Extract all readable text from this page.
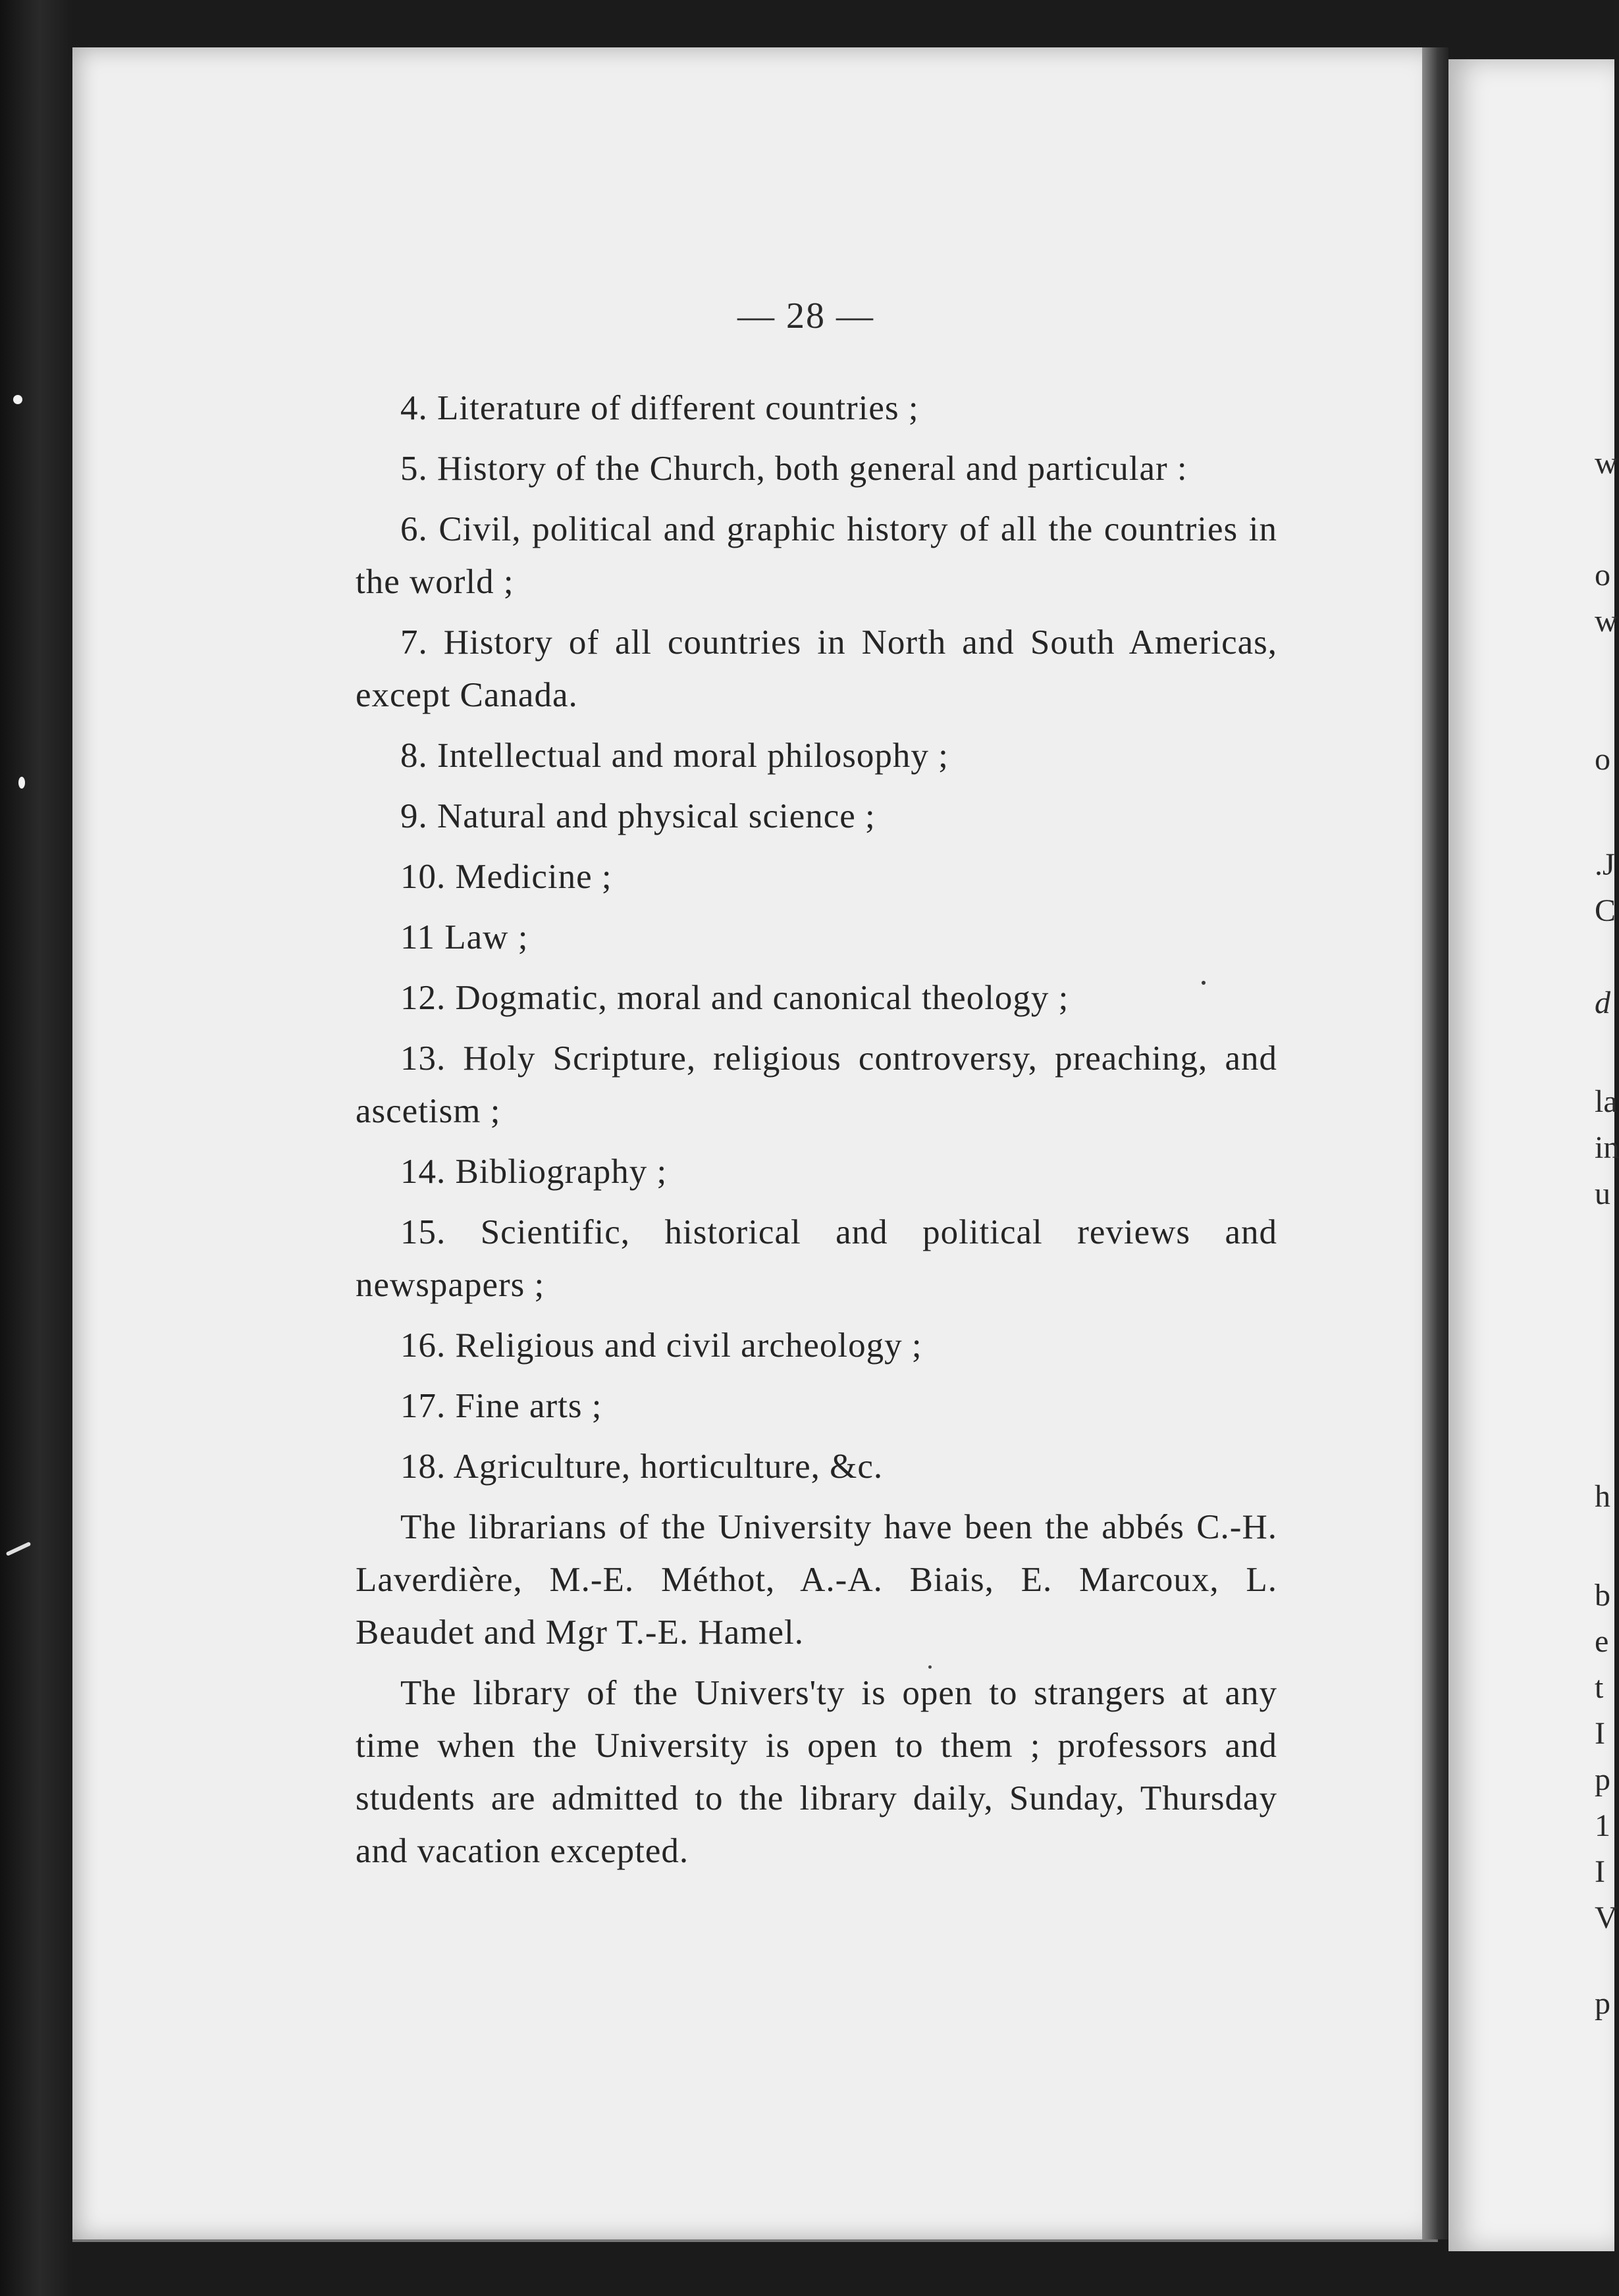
w
o
w
o
.J
C
d
la
in
u
h
b
e
t
I
p
1
I
V
p
— 28 —

4. Literature of different countries ;

5. History of the Church, both general and particular :

6. Civil, political and graphic history of all the countries in the world ;

7. History of all countries in North and South Americas, except Canada.

8. Intellectual and moral philosophy ;

9. Natural and physical science ;

10. Medicine ;

11 Law ;

12. Dogmatic, moral and canonical theology ;

13. Holy Scripture, religious controversy, preaching, and ascetism ;

14. Bibliography ;

15. Scientific, historical and political reviews and newspapers ;

16. Religious and civil archeology ;

17. Fine arts ;

18. Agriculture, horticulture, &c.

The librarians of the University have been the abbés C.-H. Laverdière, M.-E. Méthot, A.-A. Biais, E. Marcoux, L. Beaudet and Mgr T.-E. Hamel.

The library of the Univers'ty is open to strangers at any time when the University is open to them ; professors and students are admitted to the library daily, Sunday, Thursday and vacation excepted.
